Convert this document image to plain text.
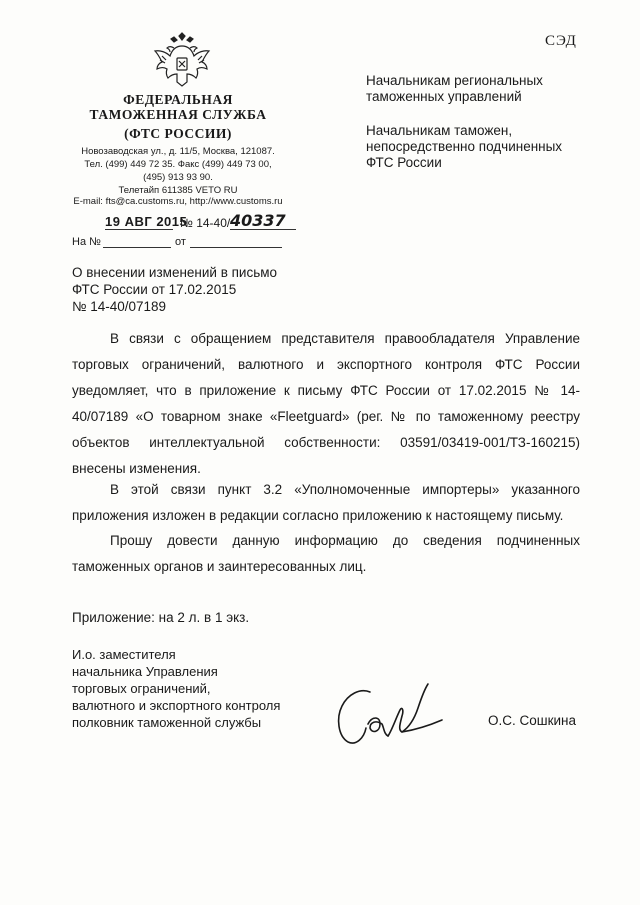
СЭД
ФЕДЕРАЛЬНАЯ
ТАМОЖЕННАЯ СЛУЖБА
(ФТС РОССИИ)
Новозаводская ул., д. 11/5, Москва, 121087.
Тел. (499) 449 72 35. Факс (499) 449 73 00,
(495) 913 93 90.
Телетайп 611385 VETO RU
E-mail: fts@ca.customs.ru, http://www.customs.ru
19 АВГ 2015
№ 14-40/ 40337
На №	от
Начальникам региональных
таможенных управлений
Начальникам таможен,
непосредственно подчиненных
ФТС России
О внесении изменений в письмо
ФТС России от 17.02.2015
№ 14-40/07189
В связи с обращением представителя правообладателя Управление торговых ограничений, валютного и экспортного контроля ФТС России уведомляет, что в приложение к письму ФТС России от 17.02.2015 № 14-40/07189 «О товарном знаке «Fleetguard» (рег. № по таможенному реестру объектов интеллектуальной собственности: 03591/03419-001/ТЗ-160215) внесены изменения.
В этой связи пункт 3.2 «Уполномоченные импортеры» указанного приложения изложен в редакции согласно приложению к настоящему письму.
Прошу довести данную информацию до сведения подчиненных таможенных органов и заинтересованных лиц.
Приложение: на 2 л. в 1 экз.
И.о. заместителя
начальника Управления
торговых ограничений,
валютного и экспортного контроля
полковник таможенной службы	О.С. Сошкина
